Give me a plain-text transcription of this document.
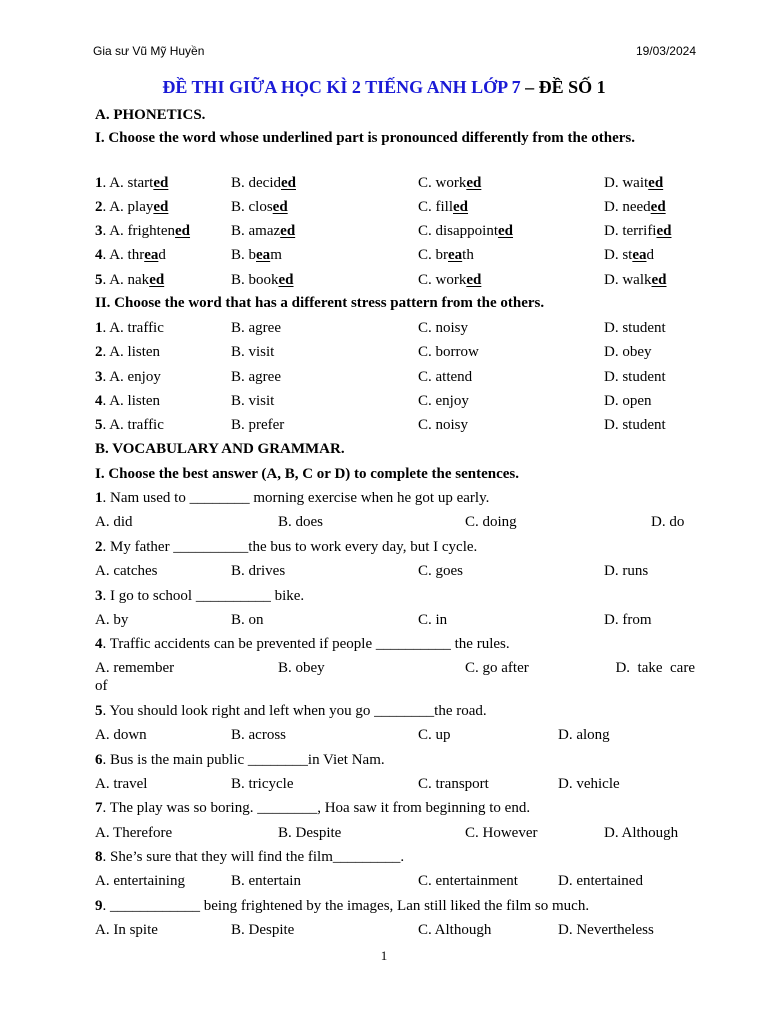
Gia sư Vũ Mỹ Huyền	19/03/2024
ĐỀ THI GIỮA HỌC KÌ 2 TIẾNG ANH LỚP 7 – ĐỀ SỐ 1
A. PHONETICS.
I. Choose the word whose underlined part is pronounced differently from the others.
1. A. started	B. decided	C. worked	D. waited
2. A. played	B. closed	C. filled	D. needed
3. A. frightened	B. amazed	C. disappointed	D. terrified
4. A. thread	B. beam	C. breath	D. stead
5. A. naked	B. booked	C. worked	D. walked
II. Choose the word that has a different stress pattern from the others.
1. A. traffic	B. agree	C. noisy	D. student
2. A. listen	B. visit	C. borrow	D. obey
3. A. enjoy	B. agree	C. attend	D. student
4. A. listen	B. visit	C. enjoy	D. open
5. A. traffic	B. prefer	C. noisy	D. student
B. VOCABULARY AND GRAMMAR.
I. Choose the best answer (A, B, C or D) to complete the sentences.
1. Nam used to ________ morning exercise when he got up early.
A. did	B. does	C. doing	D. do
2. My father __________the bus to work every day, but I cycle.
A. catches	B. drives	C. goes	D. runs
3. I go to school __________ bike.
A. by	B. on	C. in	D. from
4. Traffic accidents can be prevented if people __________ the rules.
A. remember	B. obey	C. go after	D.  take  care
of
5. You should look right and left when you go ________the road.
A. down	B. across	C. up	D. along
6. Bus is the main public ________in Viet Nam.
A. travel	B. tricycle	C. transport	D. vehicle
7. The play was so boring. ________, Hoa saw it from beginning to end.
A. Therefore	B. Despite	C. However	D. Although
8. She’s sure that they will find the film_________.
A. entertaining	B. entertain	C. entertainment	D. entertained
9. ____________ being frightened by the images, Lan still liked the film so much.
A. In spite	B. Despite	C. Although	D. Nevertheless
1
